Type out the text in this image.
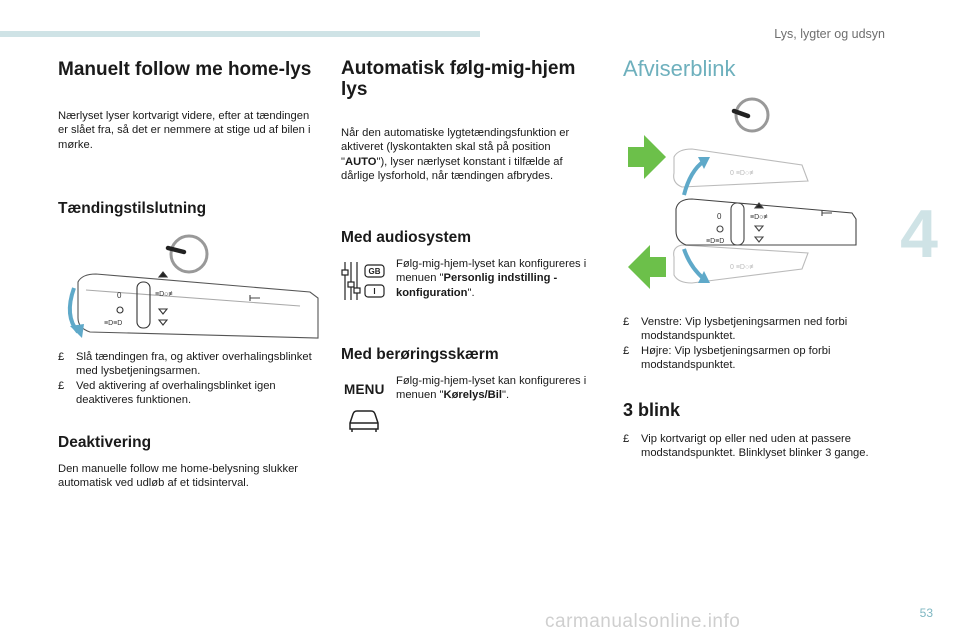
Lys, lygter og udsyn
4
Manuelt follow me home-lys
Nærlyset lyser kortvarigt videre, efter at tændingen er slået fra, så det er nemmere at stige ud af bilen i mørke.
Tændingstilslutning
0	≡D○≢
≡D≡D
£ Slå tændingen fra, og aktiver overhalingsblinket med lysbetjeningsarmen.
£ Ved aktivering af overhalingsblinket igen deaktiveres funktionen.
Deaktivering
Den manuelle follow me home-belysning slukker automatisk ved udløb af et tidsinterval.
Automatisk følg-mig-hjem
lys
Når den automatiske lygtetændingsfunktion er aktiveret (lyskontakten skal stå på position "AUTO"), lyser nærlyset konstant i tilfælde af dårlige lysforhold, når tændingen afbrydes.
Med audiosystem
GB
I
Følg-mig-hjem-lyset kan konfigureres i menuen "Personlig indstilling - konfiguration".
Med berøringsskærm
MENU
Følg-mig-hjem-lyset kan konfigureres i menuen "Kørelys/Bil".
Afviserblink
0 ≡D○≢
0 ≡D○≢
0	≡D○≢
≡D≡D
£ Venstre: Vip lysbetjeningsarmen ned forbi modstandspunktet.
£ Højre: Vip lysbetjeningsarmen op forbi modstandspunktet.
3 blink
£ Vip kortvarigt op eller ned uden at passere modstandspunktet. Blinklyset blinker 3 gange.
carmanualsonline.info	53
